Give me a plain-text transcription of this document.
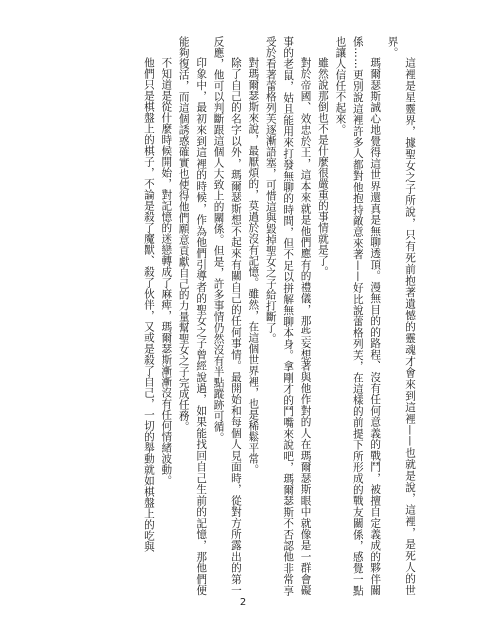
這裡是星靈界，據聖女之子所說，只有死前抱著遺憾的靈魂才會來到這裡——也就是說，這裡，是死人的世界。

瑪爾瑟斯誠心地覺得這世界還真是無聊透頂。漫無目的的路程、沒有任何意義的戰鬥，被擅自定義成的夥伴關係……更別說這裡許多人都對他抱持敵意來著——好比說蕾格列芙，在這樣的前提下所形成的戰友關係，感覺一點也讓人信任不起來。

雖然說那倒也不是什麼很嚴重的事情就是了。

對於帝國、效忠於王，這本來就是他們應有的禮儀，那些妄想著與他作對的人在瑪爾瑟斯眼中就像是一群會礙事的老鼠，姑且能用來打發無聊的時間，但不足以拼解無聊本身。拿剛才的鬥嘴來說吧，瑪爾瑟斯不否認他非常享受於看著蕾格列芙逐漸語塞，可惜這與毀掉聖女之子給打斷了。

對瑪爾瑟斯來說，最厭煩的，莫過於沒有記憶。雖然，在這個世界裡，也是稀鬆平常。

除了自己的名字以外，瑪爾瑟斯想不起來有關自己的任何事情。最開始和每個人見面時，從對方所露出的第一反應，他可以判斷跟這個人大致上的關係。但是，許多事情仍然沒有半點蹤跡可循。

印象中，最初來到這裡的時候，作為他們引導者的聖女之子曾經說過，如果能找回自己生前的記憶，那他們便能夠復活，而這個誘惑確實也使得他們願意貢獻自己的力量幫聖女之子完成任務。

不知道是從什麼時候開始，對記憶的迷戀轉成了麻痺，瑪爾瑟斯漸漸沒有任何情緒波動。

他們只是棋盤上的棋子，不論是殺了魔獸、殺了伙伴，又或是殺了自己，一切的舉動就如棋盤上的吃與

2
